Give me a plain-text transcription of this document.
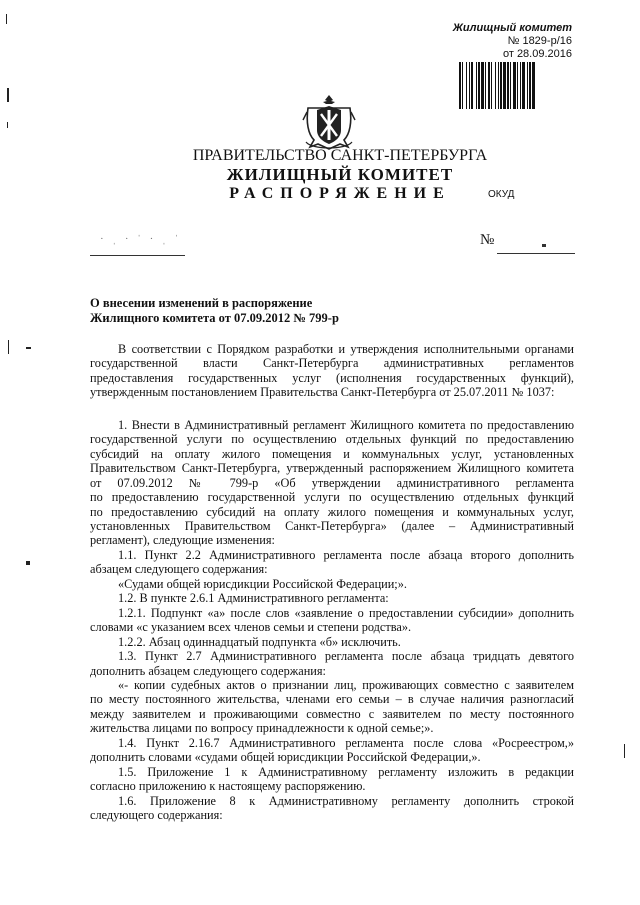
Жилищный комитет
№ 1829-р/16
от 28.09.2016
ПРАВИТЕЛЬСТВО САНКТ-ПЕТЕРБУРГА
ЖИЛИЩНЫЙ КОМИТЕТ
РАСПОРЯЖЕНИЕ	ОКУД
· ˌ · ˈ · ˌ ˈ	№
О внесении изменений в распоряжение
Жилищного комитета от 07.09.2012 № 799-р

В соответствии с Порядком разработки и утверждения исполнительными органами

государственной власти Санкт-Петербурга административных регламентов

предоставления государственных услуг (исполнения государственных функций),

утвержденным постановлением Правительства Санкт-Петербурга от 25.07.2011 № 1037:

1. Внести в Административный регламент Жилищного комитета по предоставлению

государственной услуги по осуществлению отдельных функций по предоставлению

субсидий на оплату жилого помещения и коммунальных услуг, установленных

Правительством Санкт-Петербурга, утвержденный распоряжением Жилищного комитета

от 07.09.2012 № 799-р «Об утверждении административного регламента

по предоставлению государственной услуги по осуществлению отдельных функций

по предоставлению субсидий на оплату жилого помещения и коммунальных услуг,

установленных Правительством Санкт-Петербурга» (далее – Административный

регламент), следующие изменения:

1.1. Пункт 2.2 Административного регламента после абзаца второго дополнить

абзацем следующего содержания:

«Судами общей юрисдикции Российской Федерации;».

1.2. В пункте 2.6.1 Административного регламента:

1.2.1. Подпункт «а» после слов «заявление о предоставлении субсидии» дополнить

словами «с указанием всех членов семьи и степени родства».

1.2.2. Абзац одиннадцатый подпункта «б» исключить.

1.3. Пункт 2.7 Административного регламента после абзаца тридцать девятого

дополнить абзацем следующего содержания:

«- копии судебных актов о признании лиц, проживающих совместно с заявителем

по месту постоянного жительства, членами его семьи – в случае наличия разногласий

между заявителем и проживающими совместно с заявителем по месту постоянного

жительства лицами по вопросу принадлежности к одной семье;».

1.4. Пункт 2.16.7 Административного регламента после слова «Росреестром,»

дополнить словами «судами общей юрисдикции Российской Федерации,».

1.5. Приложение 1 к Административному регламенту изложить в редакции

согласно приложению к настоящему распоряжению.

1.6. Приложение 8 к Административному регламенту дополнить строкой

следующего содержания:
